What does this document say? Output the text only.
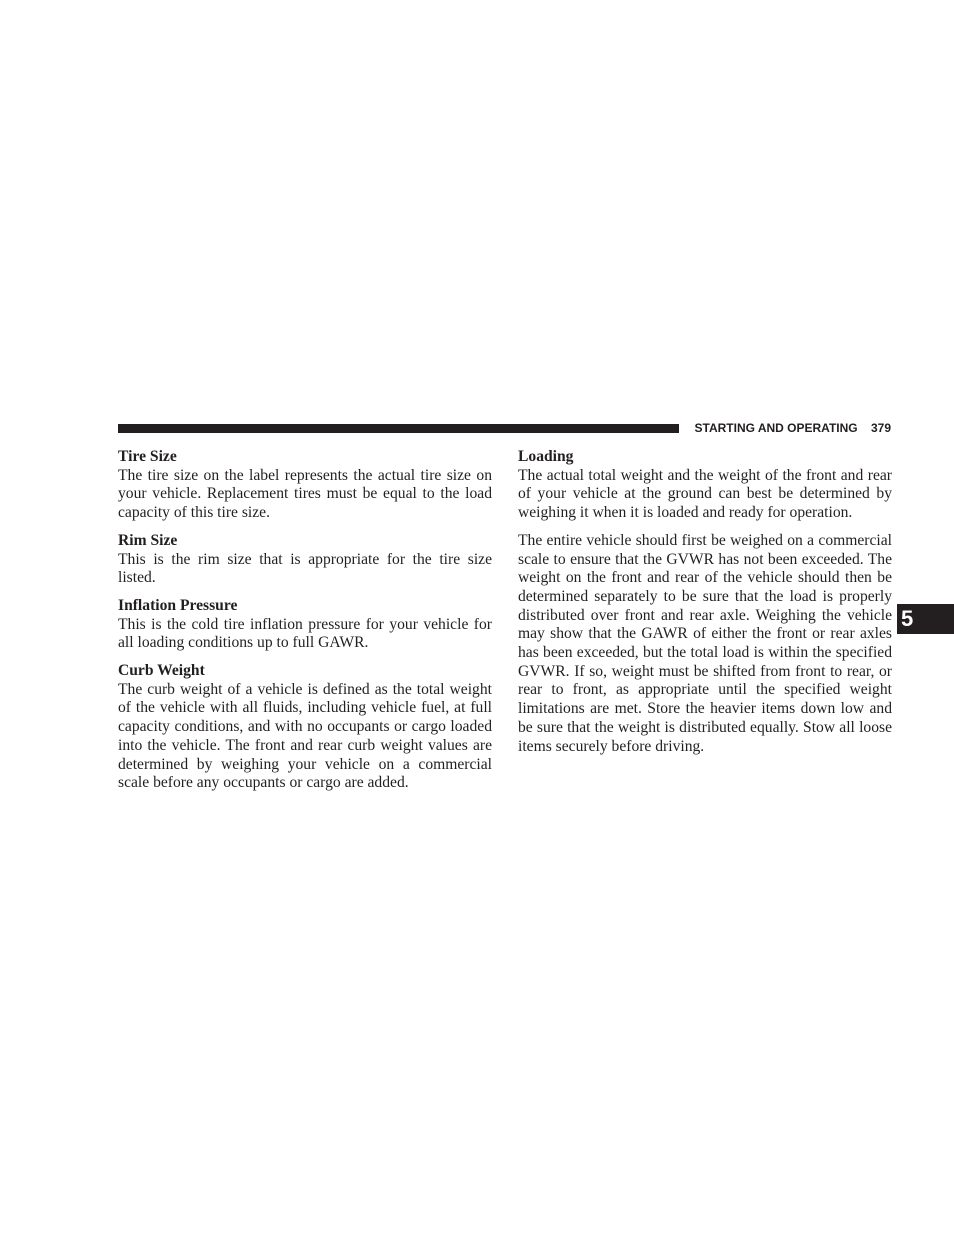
STARTING AND OPERATING 379
5
Tire Size

The tire size on the label represents the actual tire size on your vehicle. Replacement tires must be equal to the load capacity of this tire size.

Rim Size

This is the rim size that is appropriate for the tire size listed.

Inflation Pressure

This is the cold tire inflation pressure for your vehicle for all loading conditions up to full GAWR.

Curb Weight

The curb weight of a vehicle is defined as the total weight of the vehicle with all fluids, including vehicle fuel, at full capacity conditions, and with no occupants or cargo loaded into the vehicle. The front and rear curb weight values are determined by weighing your vehicle on a commercial scale before any occupants or cargo are added.

Loading

The actual total weight and the weight of the front and rear of your vehicle at the ground can best be determined by weighing it when it is loaded and ready for operation.

The entire vehicle should first be weighed on a commercial scale to ensure that the GVWR has not been exceeded. The weight on the front and rear of the vehicle should then be determined separately to be sure that the load is properly distributed over front and rear axle. Weighing the vehicle may show that the GAWR of either the front or rear axles has been exceeded, but the total load is within the specified GVWR. If so, weight must be shifted from front to rear, or rear to front, as appropriate until the specified weight limitations are met. Store the heavier items down low and be sure that the weight is distributed equally. Stow all loose items securely before driving.
